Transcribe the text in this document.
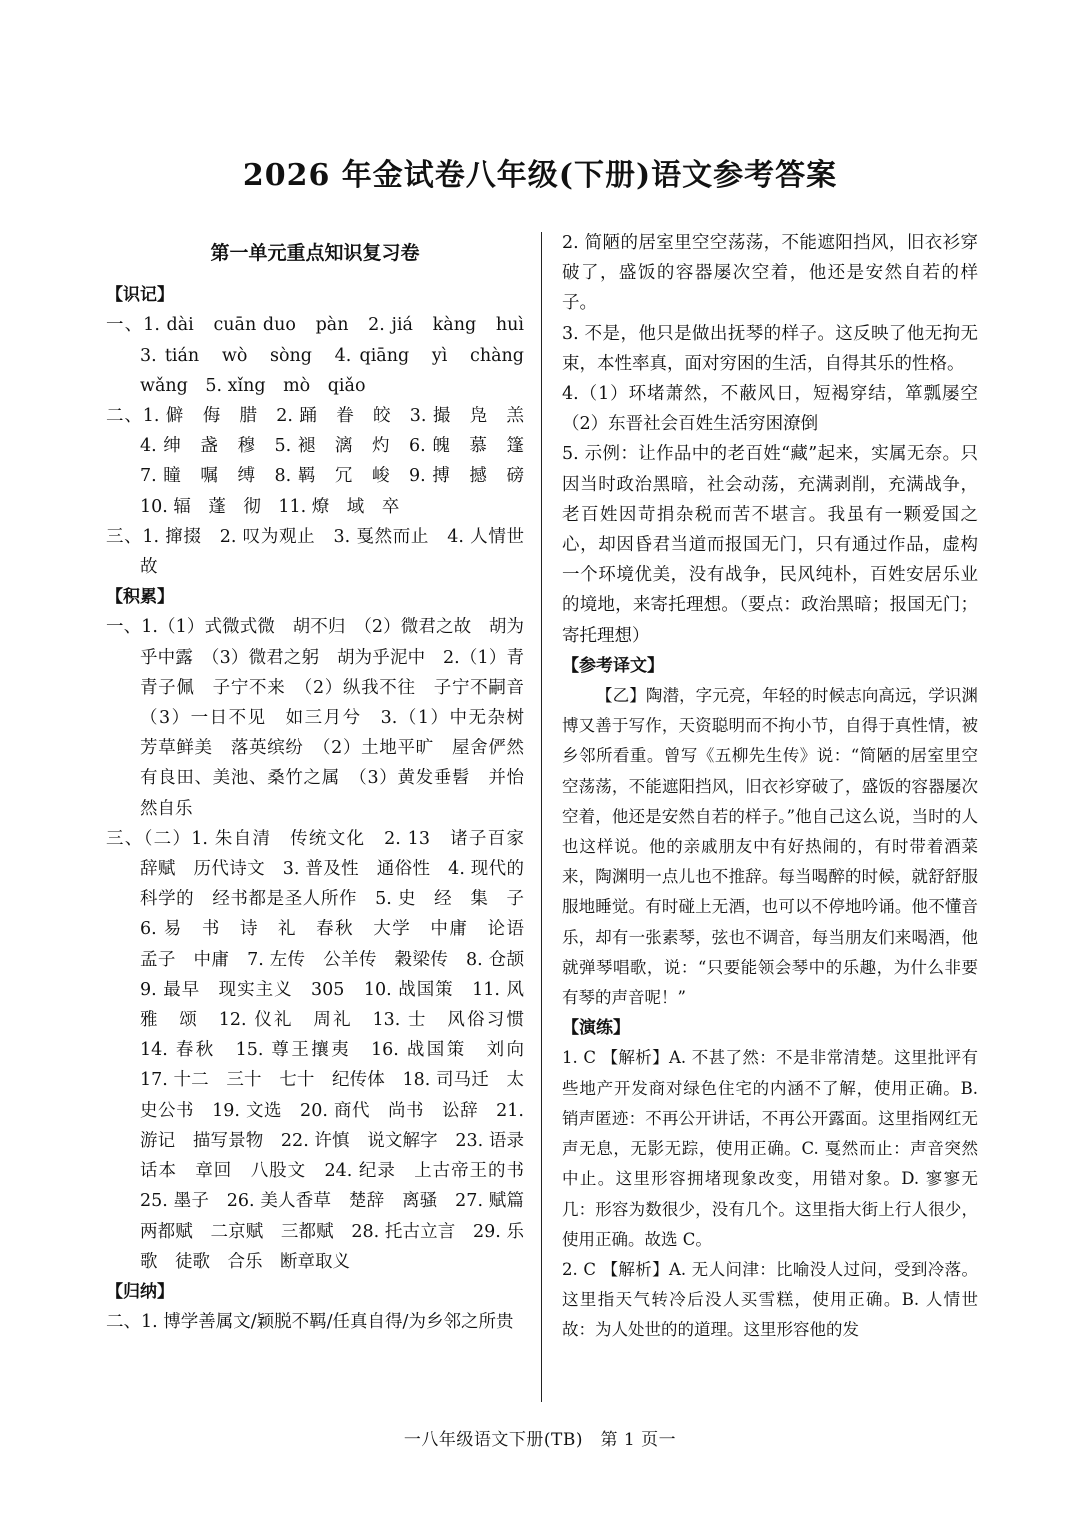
2026 年金试卷八年级(下册)语文参考答案
第一单元重点知识复习卷
【识记】
一、1. dài　cuān duo　pàn　2. jiá　kàng　huì　3. tián　wò　sòng　4. qiāng　yì　chàng　wǎng　5. xǐng　mò　qiǎo
二、1. 僻　侮　腊　2. 踊　眷　皎　3. 撮　凫　羔　4. 绅　盏　穆　5. 褪　漓　灼　6. 魄　慕　篷　7. 瞳　嘱　缚　8. 羁　冗　峻　9. 搏　撼　磅　10. 辐　蓬　彻　11. 燎　域　卒
三、1. 撺掇　2. 叹为观止　3. 戛然而止　4. 人情世故
【积累】
一、1.（1）式微式微　胡不归　（2）微君之故　胡为乎中露　（3）微君之躬　胡为乎泥中　2.（1）青青子佩　子宁不来　（2）纵我不往　子宁不嗣音　（3）一日不见　如三月兮　3.（1）中无杂树　芳草鲜美　落英缤纷　（2）土地平旷　屋舍俨然　有良田、美池、桑竹之属　（3）黄发垂髫　并怡然自乐
三、（二）1. 朱自清　传统文化　2. 13　诸子百家　辞赋　历代诗文　3. 普及性　通俗性　4. 现代的　科学的　经书都是圣人所作　5. 史　经　集　子　6. 易　书　诗　礼　春秋　大学　中庸　论语　孟子　中庸　7. 左传　公羊传　穀梁传　8. 仓颉　9. 最早　现实主义　305　10. 战国策　11. 风　雅　颂　12. 仪礼　周礼　13. 士　风俗习惯　14. 春秋　15. 尊王攘夷　16. 战国策　刘向　17. 十二　三十　七十　纪传体　18. 司马迁　太史公书　19. 文选　20. 商代　尚书　讼辞　21. 游记　描写景物　22. 许慎　说文解字　23. 语录　话本　章回　八股文　24. 纪录　上古帝王的书　25. 墨子　26. 美人香草　楚辞　离骚　27. 赋篇　两都赋　二京赋　三都赋　28. 托古立言　29. 乐歌　徒歌　合乐　断章取义
【归纳】
二、1. 博学善属文/颖脱不羁/任真自得/为乡邻之所贵
2. 简陋的居室里空空荡荡，不能遮阳挡风，旧衣衫穿破了，盛饭的容器屡次空着，他还是安然自若的样子。
3. 不是，他只是做出抚琴的样子。这反映了他无拘无束，本性率真，面对穷困的生活，自得其乐的性格。
4.（1）环堵萧然，不蔽风日，短褐穿结，箪瓢屡空　（2）东晋社会百姓生活穷困潦倒
5. 示例：让作品中的老百姓“藏”起来，实属无奈。只因当时政治黑暗，社会动荡，充满剥削，充满战争，老百姓因苛捐杂税而苦不堪言。我虽有一颗爱国之心，却因昏君当道而报国无门，只有通过作品，虚构一个环境优美，没有战争，民风纯朴，百姓安居乐业的境地，来寄托理想。（要点：政治黑暗；报国无门；寄托理想）
【参考译文】
【乙】陶潜，字元亮，年轻的时候志向高远，学识渊博又善于写作，天资聪明而不拘小节，自得于真性情，被乡邻所看重。曾写《五柳先生传》说：“简陋的居室里空空荡荡，不能遮阳挡风，旧衣衫穿破了，盛饭的容器屡次空着，他还是安然自若的样子。”他自己这么说，当时的人也这样说。他的亲戚朋友中有好热闹的，有时带着酒菜来，陶渊明一点儿也不推辞。每当喝醉的时候，就舒舒服服地睡觉。有时碰上无酒，也可以不停地吟诵。他不懂音乐，却有一张素琴，弦也不调音，每当朋友们来喝酒，他就弹琴唱歌，说：“只要能领会琴中的乐趣，为什么非要有琴的声音呢！”
【演练】
1. C 【解析】A. 不甚了然：不是非常清楚。这里批评有些地产开发商对绿色住宅的内涵不了解，使用正确。B. 销声匿迹：不再公开讲话，不再公开露面。这里指网红无声无息，无影无踪，使用正确。C. 戛然而止：声音突然中止。这里形容拥堵现象改变，用错对象。D. 寥寥无几：形容为数很少，没有几个。这里指大街上行人很少，使用正确。故选 C。
2. C 【解析】A. 无人问津：比喻没人过问，受到冷落。这里指天气转冷后没人买雪糕，使用正确。B. 人情世故：为人处世的的道理。这里形容他的发
一八年级语文下册(TB)　第 1 页一
